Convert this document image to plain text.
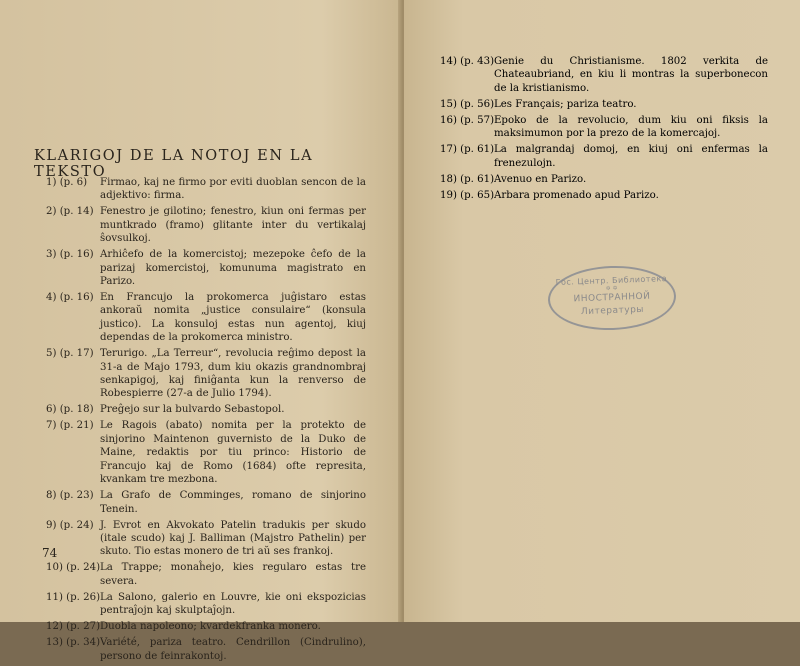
KLARIGOJ DE LA NOTOJ EN LA TEKSTO
1) (p. 6) Firmao, kaj ne firmo por eviti duoblan sencon de la adjektivo: firma.
2) (p. 14) Fenestro je gilotino; fenestro, kiun oni fermas per muntkrado (framo) glitante inter du vertikalaj ŝovsulkoj.
3) (p. 16) Arhiĉefo de la komercistoj; mezepoke ĉefo de la parizaj komercistoj, komunuma magistrato en Parizo.
4) (p. 16) En Francujo la prokomerca juĝistaro estas ankoraŭ nomita „justice consulaire“ (konsula justico). La konsuloj estas nun agentoj, kiuj dependas de la prokomerca ministro.
5) (p. 17) Terurigo. „La Terreur“, revolucia reĝimo depost la 31-a de Majo 1793, dum kiu okazis grandnombraj senkapigoj, kaj finiĝanta kun la renverso de Robespierre (27-a de Julio 1794).
6) (p. 18) Preĝejo sur la bulvardo Sebastopol.
7) (p. 21) Le Ragois (abato) nomita per la protekto de sinjorino Maintenon guvernisto de la Duko de Maine, redaktis por tiu princo: Historio de Francujo kaj de Romo (1684) ofte represita, kvankam tre mezbona.
8) (p. 23) La Grafo de Comminges, romano de sinjorino Tenein.
9) (p. 24) J. Evrot en Akvokato Patelin tradukis per skudo (itale scudo) kaj J. Balliman (Majstro Pathelin) per skuto. Tio estas monero de tri aŭ ses frankoj.
10) (p. 24) La Trappe; monaĥejo, kies regularo estas tre severa.
11) (p. 26) La Salono, galerio en Louvre, kie oni ekspozicias pentraĵojn kaj skulptaĵojn.
12) (p. 27) Duobla napoleono; kvardekfranka monero.
13) (p. 34) Variété, pariza teatro. Cendrillon (Cindrulino), persono de feinrakontoj.
74
14) (p. 43) Genie du Christianisme. 1802 verkita de Chateaubriand, en kiu li montras la superbonecon de la kristianismo.
15) (p. 56) Les Français; pariza teatro.
16) (p. 57) Epoko de la revolucio, dum kiu oni fiksis la maksimumon por la prezo de la komercajoj.
17) (p. 61) La malgrandaj domoj, en kiuj oni enfermas la frenezulojn.
18) (p. 61) Avenuo en Parizo.
19) (p. 65) Arbara promenado apud Parizo.
Гос. Центр. Библиотека
✡ ✡
ИНОСТРАННОЙ
Литературы
